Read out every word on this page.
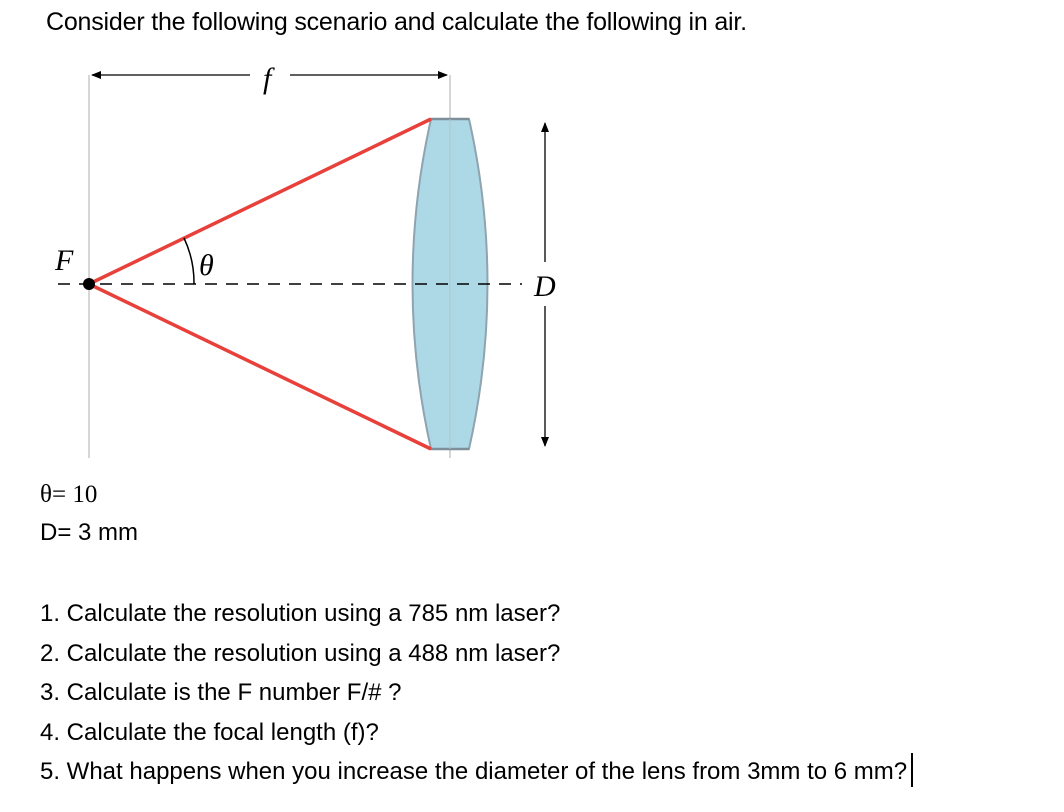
Consider the following scenario and calculate the following in air.
f
F	θ
D
θ= 10
D= 3 mm
1. Calculate the resolution using a 785 nm laser?
2. Calculate the resolution using a 488 nm laser?
3. Calculate is the F number F/# ?
4. Calculate the focal length (f)?
5. What happens when you increase the diameter of the lens from 3mm to 6 mm?
